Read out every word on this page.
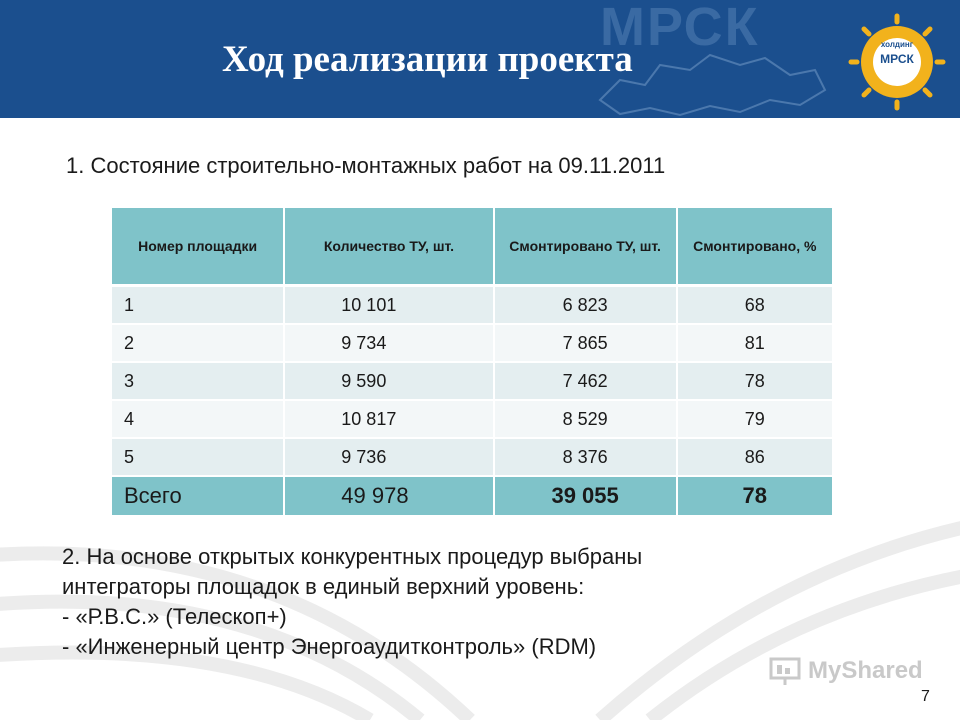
МРСК
Ход реализации проекта	холдинг
МРСК
1. Состояние строительно-монтажных работ на 09.11.2011
Номер площадки	Количество ТУ, шт.	Смонтировано ТУ, шт.	Смонтировано, %
1	10 101	6 823	68
2	9 734	7 865	81
3	9 590	7 462	78
4	10 817	8 529	79
5	9 736	8 376	86
Всего	49 978	39 055	78
2. На основе открытых конкурентных процедур выбраны
интеграторы площадок в единый верхний уровень:
- «Р.В.С.» (Телескоп+)
- «Инженерный центр Энергоаудитконтроль» (RDM)
MyShared
7
